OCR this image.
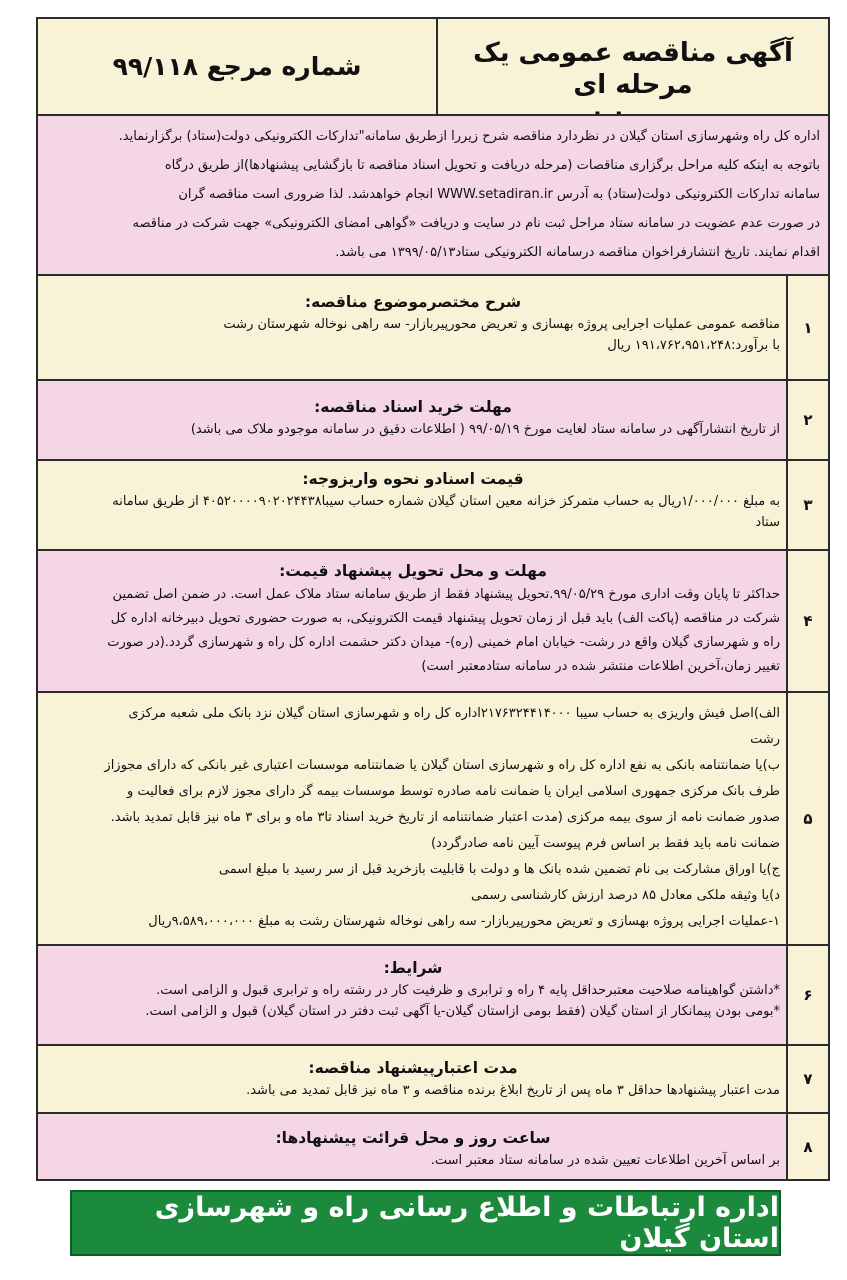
آگهی مناقصه عمومی یک مرحله ای
شماره مرجع ۹۹/۱۱۸
اداره کل راه وشهرسازی استان گیلان در نظردارد مناقصه شرح زیررا ازطریق سامانه"تدارکات الکترونیکی دولت(ستاد) برگزارنماید.
باتوجه به اینکه کلیه مراحل برگزاری مناقصات (مرحله دریافت و تحویل اسناد مناقصه تا بازگشایی پیشنهادها)از طریق درگاه
سامانه تدارکات الکترونیکی دولت(ستاد) به آدرس WWW.setadiran.ir انجام خواهدشد. لذا ضروری است مناقصه گران
در صورت عدم عضویت در سامانه ستاد مراحل ثبت نام در سایت و دریافت «گواهی امضای الکترونیکی» جهت شرکت در مناقصه
اقدام نمایند. تاریخ انتشارفراخوان مناقصه درسامانه الکترونیکی ستاد۱۳۹۹/۰۵/۱۳ می باشد.
۱
شرح مختصرموضوع مناقصه:
مناقصه عمومی عملیات اجرایی پروژه بهسازی و تعریض محورپیربازار- سه راهی نوخاله شهرستان رشت
با برآورد:۱۹۱،۷۶۲،۹۵۱،۲۴۸ ریال
۲
مهلت خرید اسناد مناقصه:
از تاریخ انتشارآگهی در سامانه ستاد لغایت مورخ ۹۹/۰۵/۱۹ ( اطلاعات دقیق در سامانه موجودو ملاک می باشد)
۳
قیمت اسنادو نحوه واریزوجه:
به مبلغ ۱/۰۰۰/۰۰۰ریال به حساب متمرکز خزانه معین استان گیلان شماره حساب سیبا۴۰۵۲۰۰۰۰۹۰۲۰۲۴۴۳۸ از طریق سامانه
ستاد
۴
مهلت و محل تحویل پیشنهاد قیمت:
حداکثر تا پایان وقت اداری مورخ ۹۹/۰۵/۲۹.تحویل پیشنهاد فقط از طریق سامانه ستاد ملاک عمل است. در ضمن اصل تضمین
شرکت در مناقصه (پاکت الف) باید قبل از زمان تحویل پیشنهاد قیمت الکترونیکی، به صورت حضوری تحویل دبیرخانه اداره کل
راه و شهرسازی گیلان واقع در رشت- خیابان امام خمینی (ره)- میدان دکتر حشمت اداره کل راه و شهرسازی گردد.(در صورت
تغییر زمان،آخرین اطلاعات منتشر شده در سامانه ستادمعتبر است)
۵
الف)اصل فیش واریزی به حساب سیبا ۲۱۷۶۳۲۴۴۱۴۰۰۰اداره کل راه و شهرسازی استان گیلان نزد بانک ملی شعبه مرکزی
رشت
ب)یا ضمانتنامه بانکی به نفع اداره کل راه و شهرسازی استان گیلان یا ضمانتنامه موسسات اعتباری غیر بانکی که دارای مجوزاز
طرف بانک مرکزی جمهوری اسلامی ایران یا ضمانت نامه صادره توسط موسسات بیمه گر دارای مجوز لازم برای فعالیت و
صدور ضمانت نامه از سوی بیمه مرکزی (مدت اعتبار ضمانتنامه از تاریخ خرید اسناد تا۳ ماه و برای ۳ ماه نیز قابل تمدید باشد.
ضمانت نامه باید فقط بر اساس فرم پیوست آیین نامه صادرگردد)
ج)یا اوراق مشارکت بی نام تضمین شده بانک ها و دولت با قابلیت بازخرید قبل از سر رسید با مبلغ اسمی
د)یا وثیقه ملکی معادل ۸۵ درصد ارزش کارشناسی رسمی
۱-عملیات اجرایی پروژه بهسازی و تعریض محورپیربازار- سه راهی نوخاله شهرستان رشت به مبلغ ۹،۵۸۹،۰۰۰،۰۰۰ریال
۶
شرایط:
*داشتن گواهینامه صلاحیت معتبرحداقل پایه ۴ راه و ترابری و ظرفیت کار در رشته راه و ترابری قبول و الزامی است.
*بومی بودن پیمانکار از استان گیلان (فقط بومی ازاستان گیلان-یا آگهی ثبت دفتر در استان گیلان) قبول و الزامی است.
۷
مدت اعتبارپیشنهاد مناقصه:
مدت اعتبار پیشنهادها حداقل ۳ ماه پس از تاریخ ابلاغ برنده مناقصه و ۳ ماه نیز قابل تمدید می باشد.
۸
ساعت روز و محل قرائت پیشنهادها:
بر اساس آخرین اطلاعات تعیین شده در سامانه ستاد معتبر است.
اداره ارتباطات و اطلاع رسانی راه و شهرسازی استان گیلان
